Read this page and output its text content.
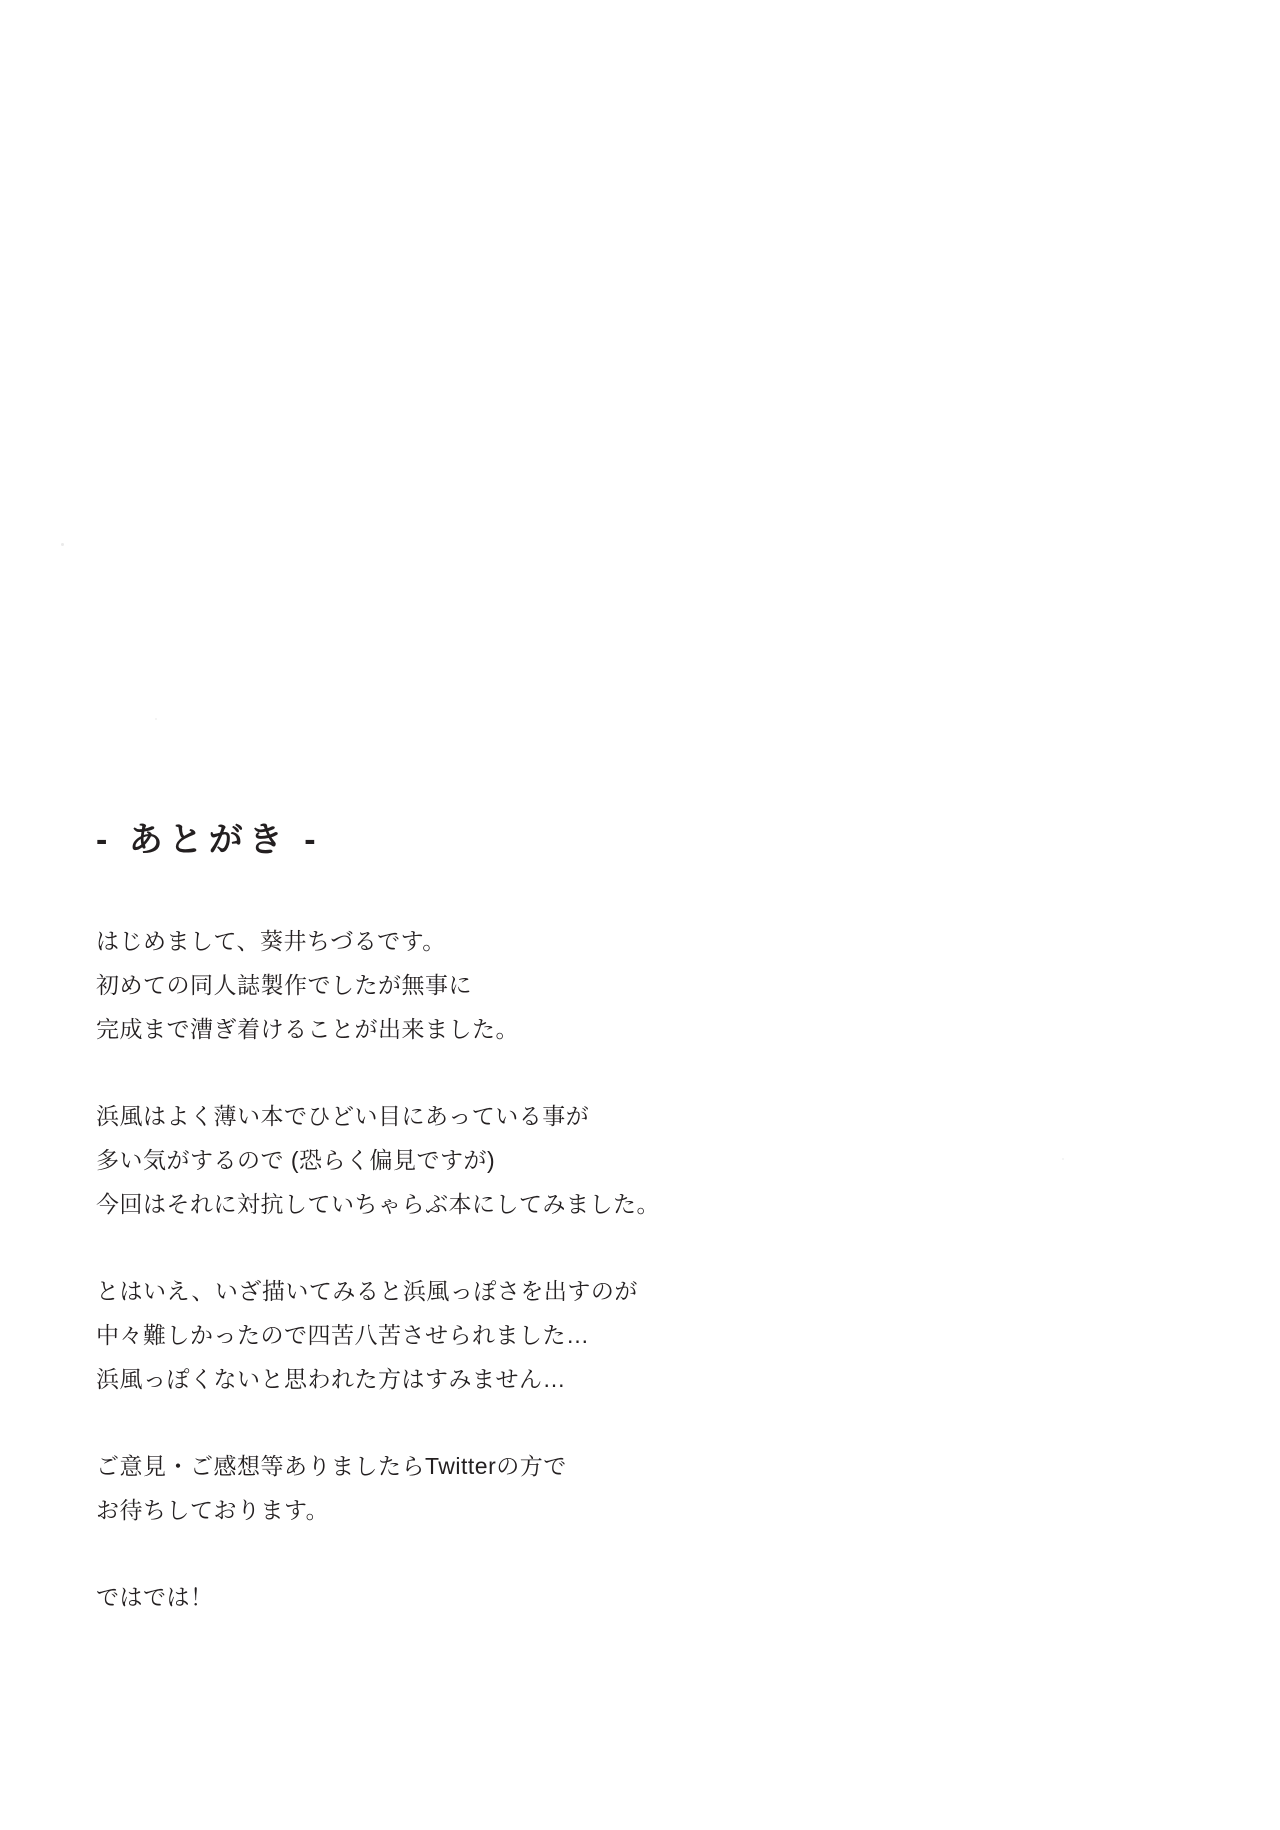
- あとがき -

はじめまして、葵井ちづるです。

初めての同人誌製作でしたが無事に

完成まで漕ぎ着けることが出来ました。

浜風はよく薄い本でひどい目にあっている事が

多い気がするので (恐らく偏見ですが)

今回はそれに対抗していちゃらぶ本にしてみました。

とはいえ、いざ描いてみると浜風っぽさを出すのが

中々難しかったので四苦八苦させられました…

浜風っぽくないと思われた方はすみません…

ご意見・ご感想等ありましたらTwitterの方で

お待ちしております。

ではでは！
